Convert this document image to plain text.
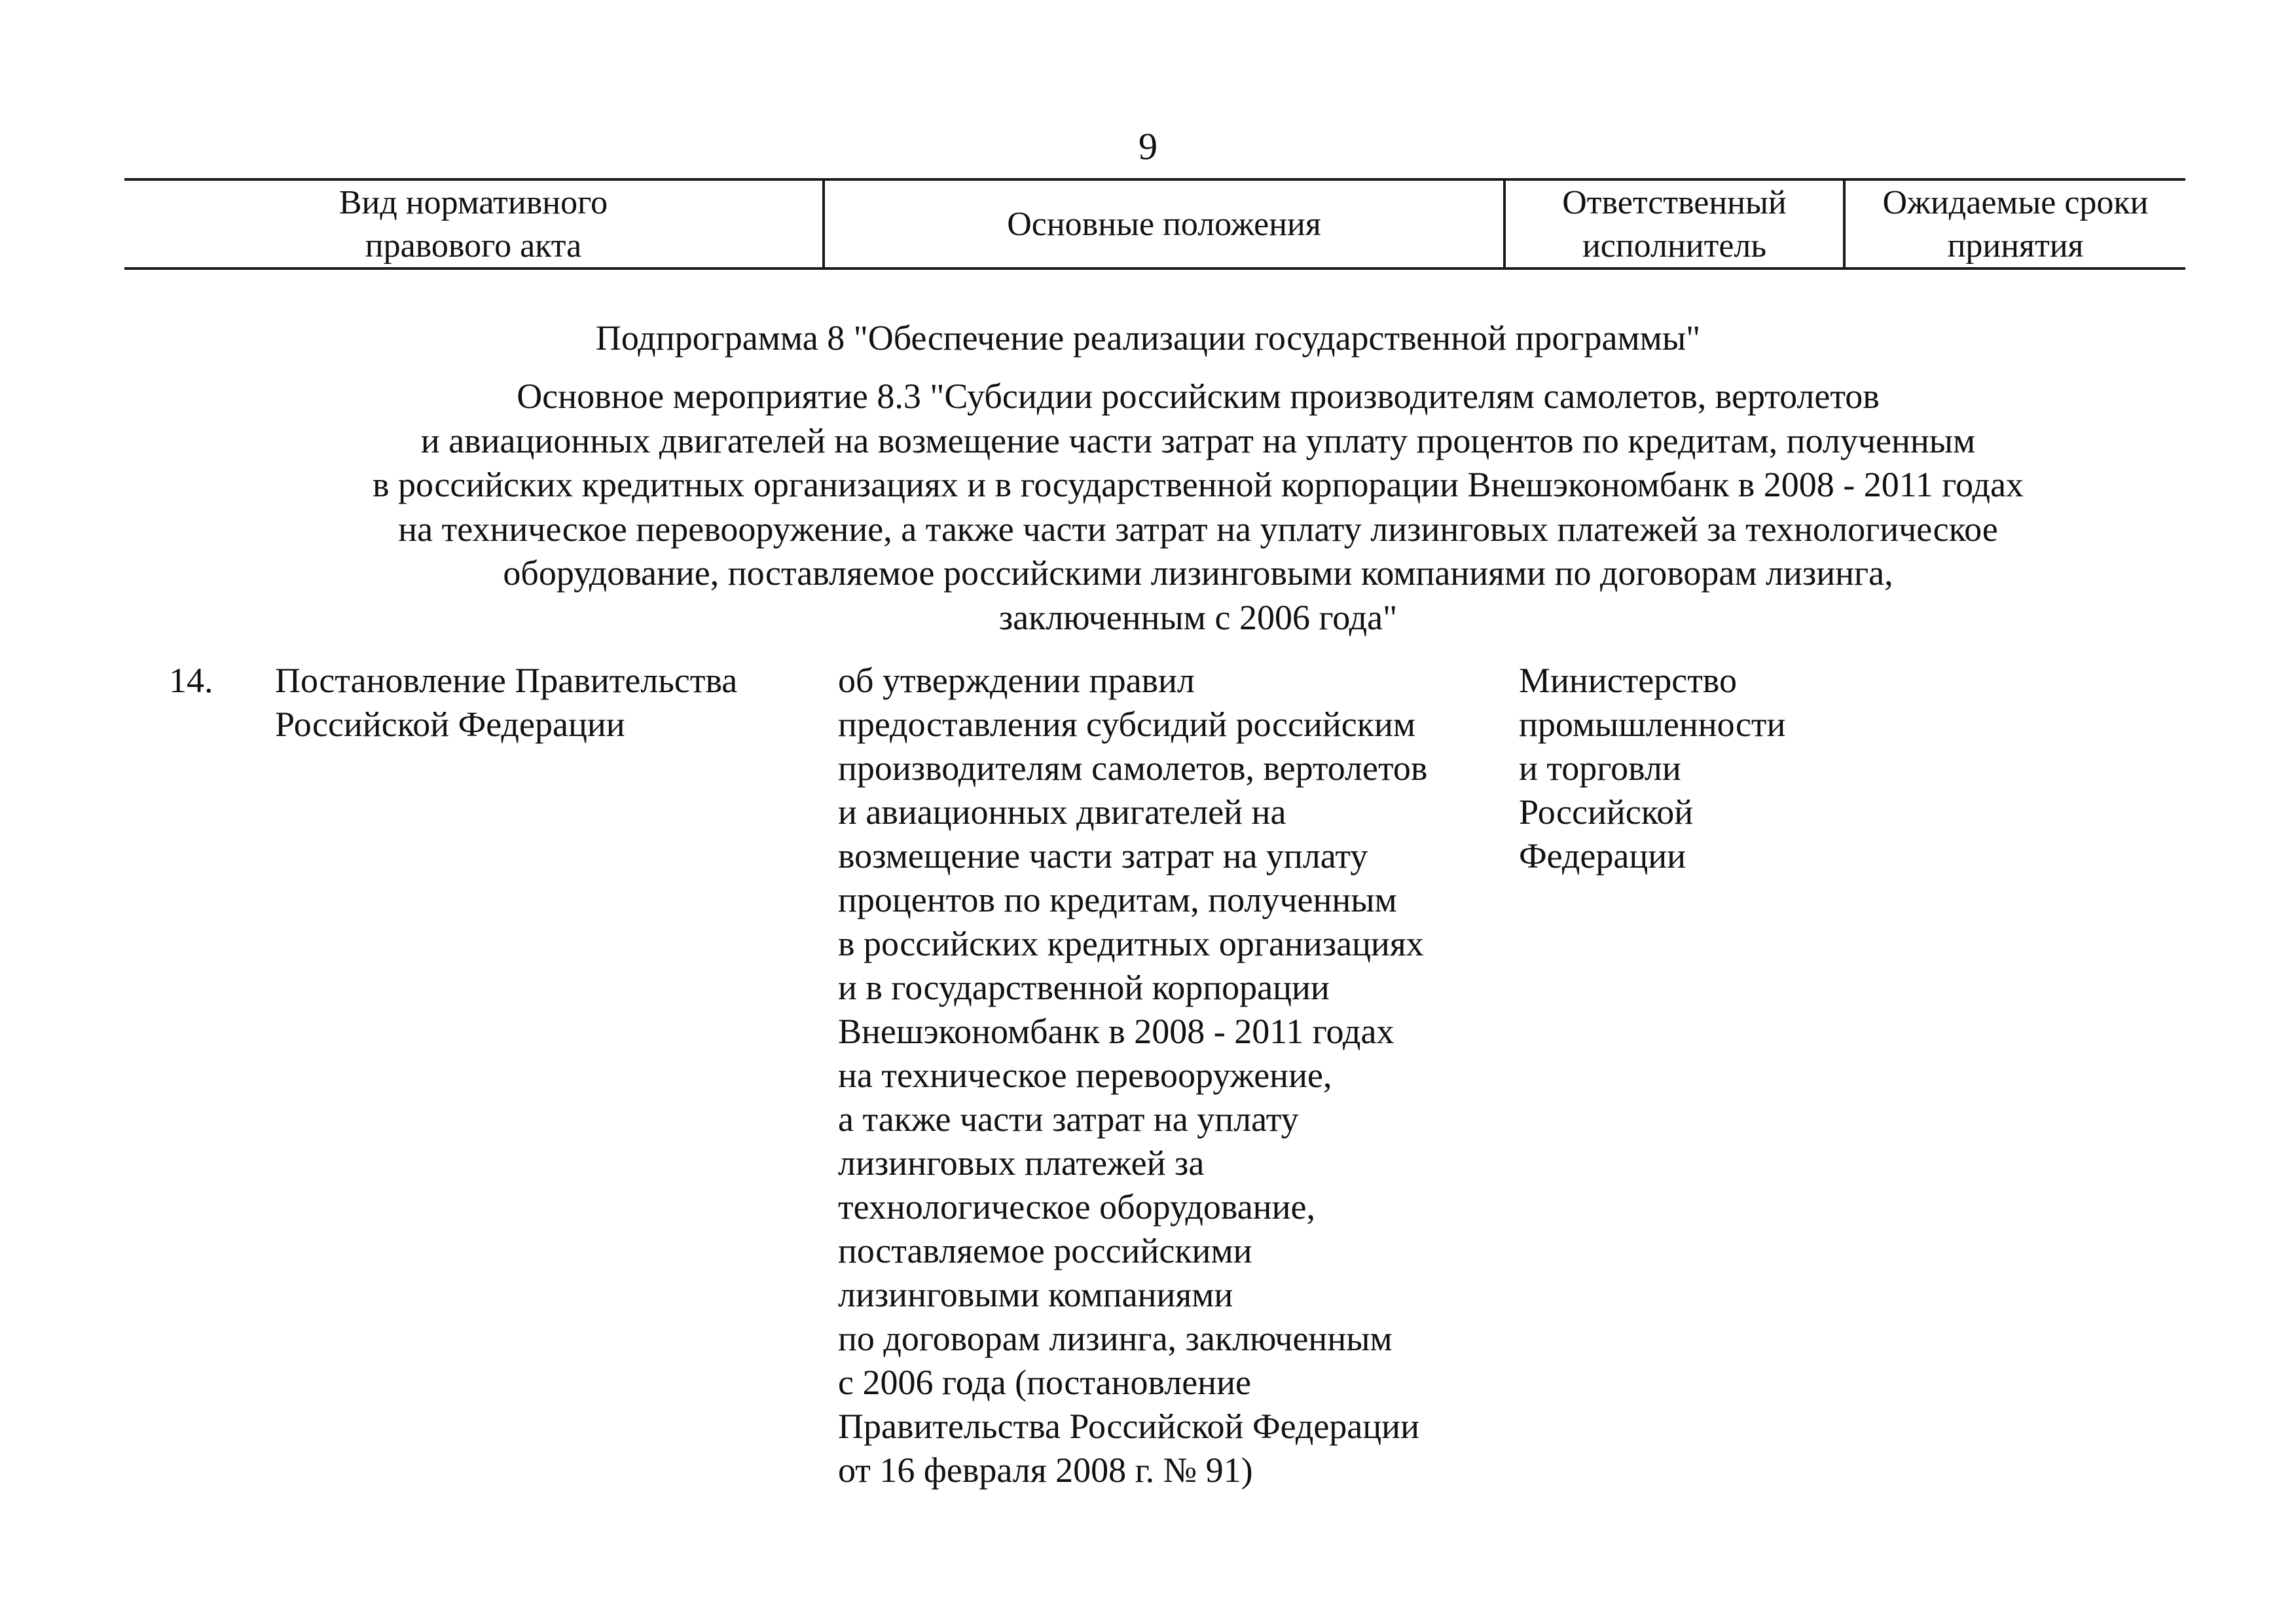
9
Вид нормативного
правового акта
Основные положения
Ответственный
исполнитель
Ожидаемые сроки
принятия
Подпрограмма 8 "Обеспечение реализации государственной программы"
Основное мероприятие 8.3 "Субсидии российским производителям самолетов, вертолетов
и авиационных двигателей на возмещение части затрат на уплату процентов по кредитам, полученным
в российских кредитных организациях и в государственной корпорации Внешэкономбанк в 2008 - 2011 годах
на техническое перевооружение, а также части затрат на уплату лизинговых платежей за технологическое
оборудование, поставляемое российскими лизинговыми компаниями по договорам лизинга,
заключенным с 2006 года"
14.	Постановление Правительства
Российской Федерации
об утверждении правил
предоставления субсидий российским
производителям самолетов, вертолетов
и авиационных двигателей на
возмещение части затрат на уплату
процентов по кредитам, полученным
в российских кредитных организациях
и в государственной корпорации
Внешэкономбанк в 2008 - 2011 годах
на техническое перевооружение,
а также части затрат на уплату
лизинговых платежей за
технологическое оборудование,
поставляемое российскими
лизинговыми компаниями
по договорам лизинга, заключенным
с 2006 года (постановление
Правительства Российской Федерации
от 16 февраля 2008 г. № 91)
Министерство
промышленности
и торговли
Российской
Федерации
